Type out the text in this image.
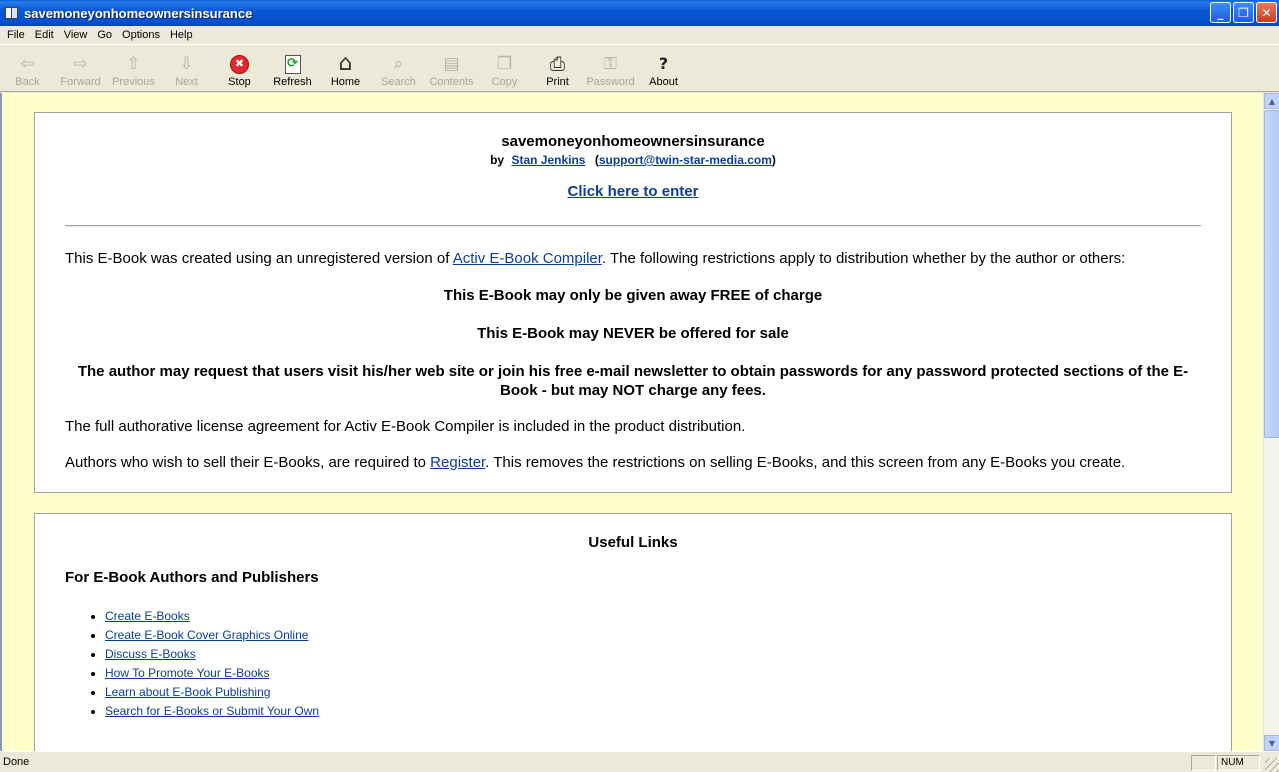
savemoneyonhomeownersinsurance	_	❐	✕
File Edit View Go Options Help
⇦
Back
⇨
Forward
⇧
Previous
⇩
Next
✖
Stop
⟳
Refresh
⌂
Home
⌕
Search
▤
Contents
❐
Copy
⎙
Print
⚿
Password
?
About
savemoneyonhomeownersinsurance
by Stan Jenkins (support@twin-star-media.com)
Click here to enter
This E-Book was created using an unregistered version of Activ E-Book Compiler. The following restrictions apply to distribution whether by the author or others:
This E-Book may only be given away FREE of charge
This E-Book may NEVER be offered for sale
The author may request that users visit his/her web site or join his free e-mail newsletter to obtain passwords for any password protected sections of the E-Book - but may NOT charge any fees.
The full authorative license agreement for Activ E-Book Compiler is included in the product distribution.
Authors who wish to sell their E-Books, are required to Register. This removes the restrictions on selling E-Books, and this screen from any E-Books you create.
Useful Links
For E-Book Authors and Publishers
• Create E-Books
• Create E-Book Cover Graphics Online
• Discuss E-Books
• How To Promote Your E-Books
• Learn about E-Book Publishing
• Search for E-Books or Submit Your Own
▲
▼
Done	NUM
